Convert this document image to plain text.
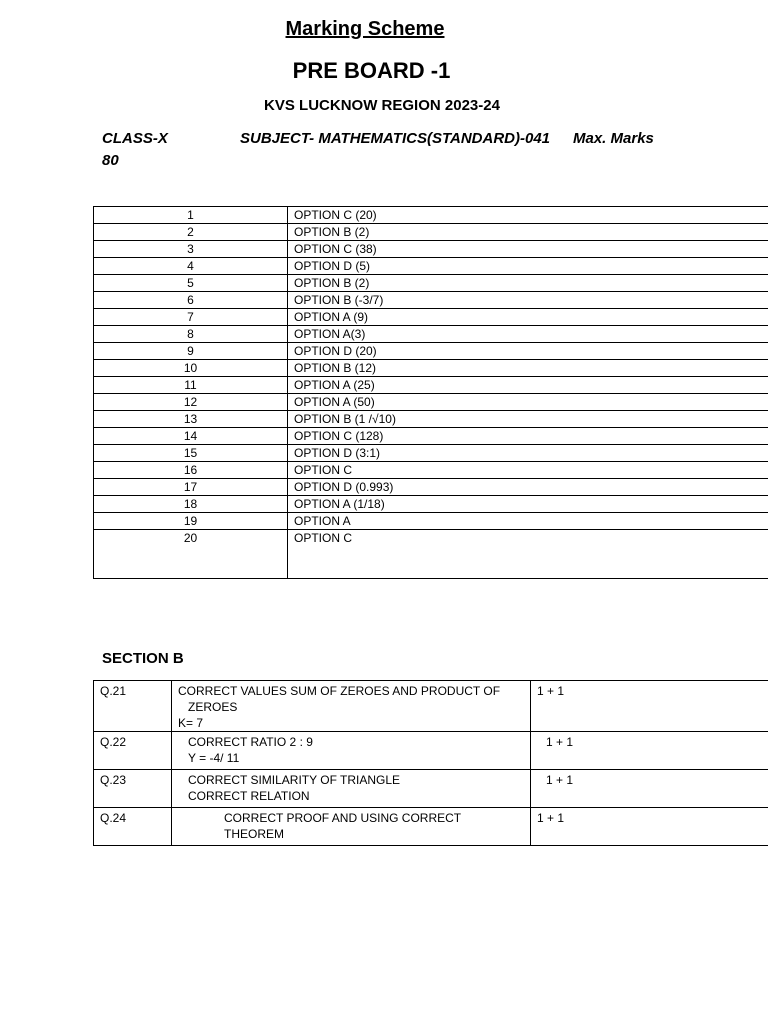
Marking Scheme
PRE BOARD -1
KVS LUCKNOW REGION 2023-24
CLASS-X	SUBJECT- MATHEMATICS(STANDARD)-041 Max. Marks
80
1	OPTION C (20)
2	OPTION B (2)
3	OPTION C (38)
4	OPTION D (5)
5	OPTION B (2)
6	OPTION B (-3/7)
7	OPTION A (9)
8	OPTION A(3)
9	OPTION D (20)
10	OPTION B (12)
11	OPTION A (25)
12	OPTION A (50)
13	OPTION B (1 /√10)
14	OPTION C (128)
15	OPTION D (3:1)
16	OPTION C
17	OPTION D (0.993)
18	OPTION A (1/18)
19	OPTION A
20	OPTION C
SECTION B
Q.21	CORRECT VALUES SUM OF ZEROES AND PRODUCT OF
ZEROES
K= 7	1 + 1
Q.22	CORRECT RATIO 2 : 9
Y = -4/ 11	1 + 1
Q.23	CORRECT SIMILARITY OF TRIANGLE
CORRECT RELATION	1 + 1
Q.24	CORRECT PROOF AND USING CORRECT
THEOREM	1 + 1
